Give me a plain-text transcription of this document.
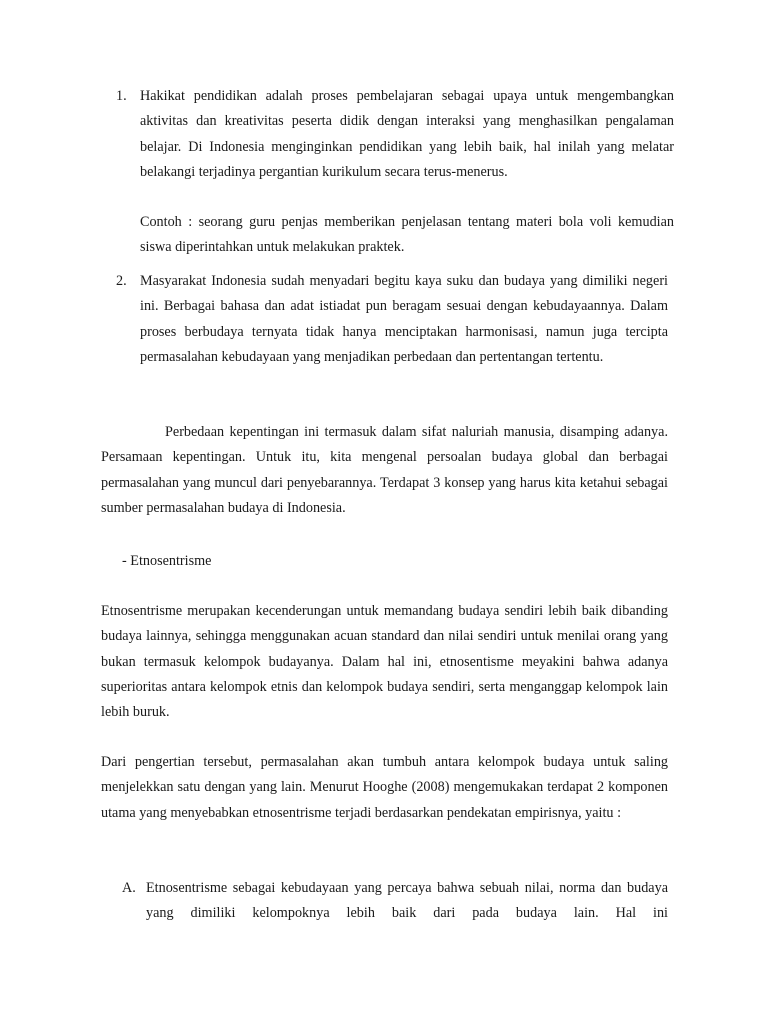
1. Hakikat pendidikan adalah proses pembelajaran sebagai upaya untuk mengembangkan aktivitas dan kreativitas peserta didik dengan interaksi yang menghasilkan pengalaman belajar. Di Indonesia menginginkan pendidikan yang lebih baik, hal inilah yang melatar belakangi terjadinya pergantian kurikulum secara terus-menerus.

Contoh : seorang guru penjas memberikan penjelasan tentang materi bola voli kemudian siswa diperintahkan untuk melakukan praktek.

2. Masyarakat Indonesia sudah menyadari begitu kaya suku dan budaya yang dimiliki negeri ini. Berbagai bahasa dan adat istiadat pun beragam sesuai dengan kebudayaannya. Dalam proses berbudaya ternyata tidak hanya menciptakan harmonisasi, namun juga tercipta permasalahan kebudayaan yang menjadikan perbedaan dan pertentangan tertentu.

Perbedaan kepentingan ini termasuk dalam sifat naluriah manusia, disamping adanya. Persamaan kepentingan. Untuk itu, kita mengenal persoalan budaya global dan berbagai permasalahan yang muncul dari penyebarannya. Terdapat 3 konsep yang harus kita ketahui sebagai sumber permasalahan budaya di Indonesia.

- Etnosentrisme

Etnosentrisme merupakan kecenderungan untuk memandang budaya sendiri lebih baik dibanding budaya lainnya, sehingga menggunakan acuan standard dan nilai sendiri untuk menilai orang yang bukan termasuk kelompok budayanya. Dalam hal ini, etnosentisme meyakini bahwa adanya superioritas antara kelompok etnis dan kelompok budaya sendiri, serta menganggap kelompok lain lebih buruk.

Dari pengertian tersebut, permasalahan akan tumbuh antara kelompok budaya untuk saling menjelekkan satu dengan yang lain. Menurut Hooghe (2008) mengemukakan terdapat 2 komponen utama yang menyebabkan etnosentrisme terjadi berdasarkan pendekatan empirisnya, yaitu :

A. Etnosentrisme sebagai kebudayaan yang percaya bahwa sebuah nilai, norma dan budaya yang dimiliki kelompoknya lebih baik dari pada budaya lain. Hal ini
